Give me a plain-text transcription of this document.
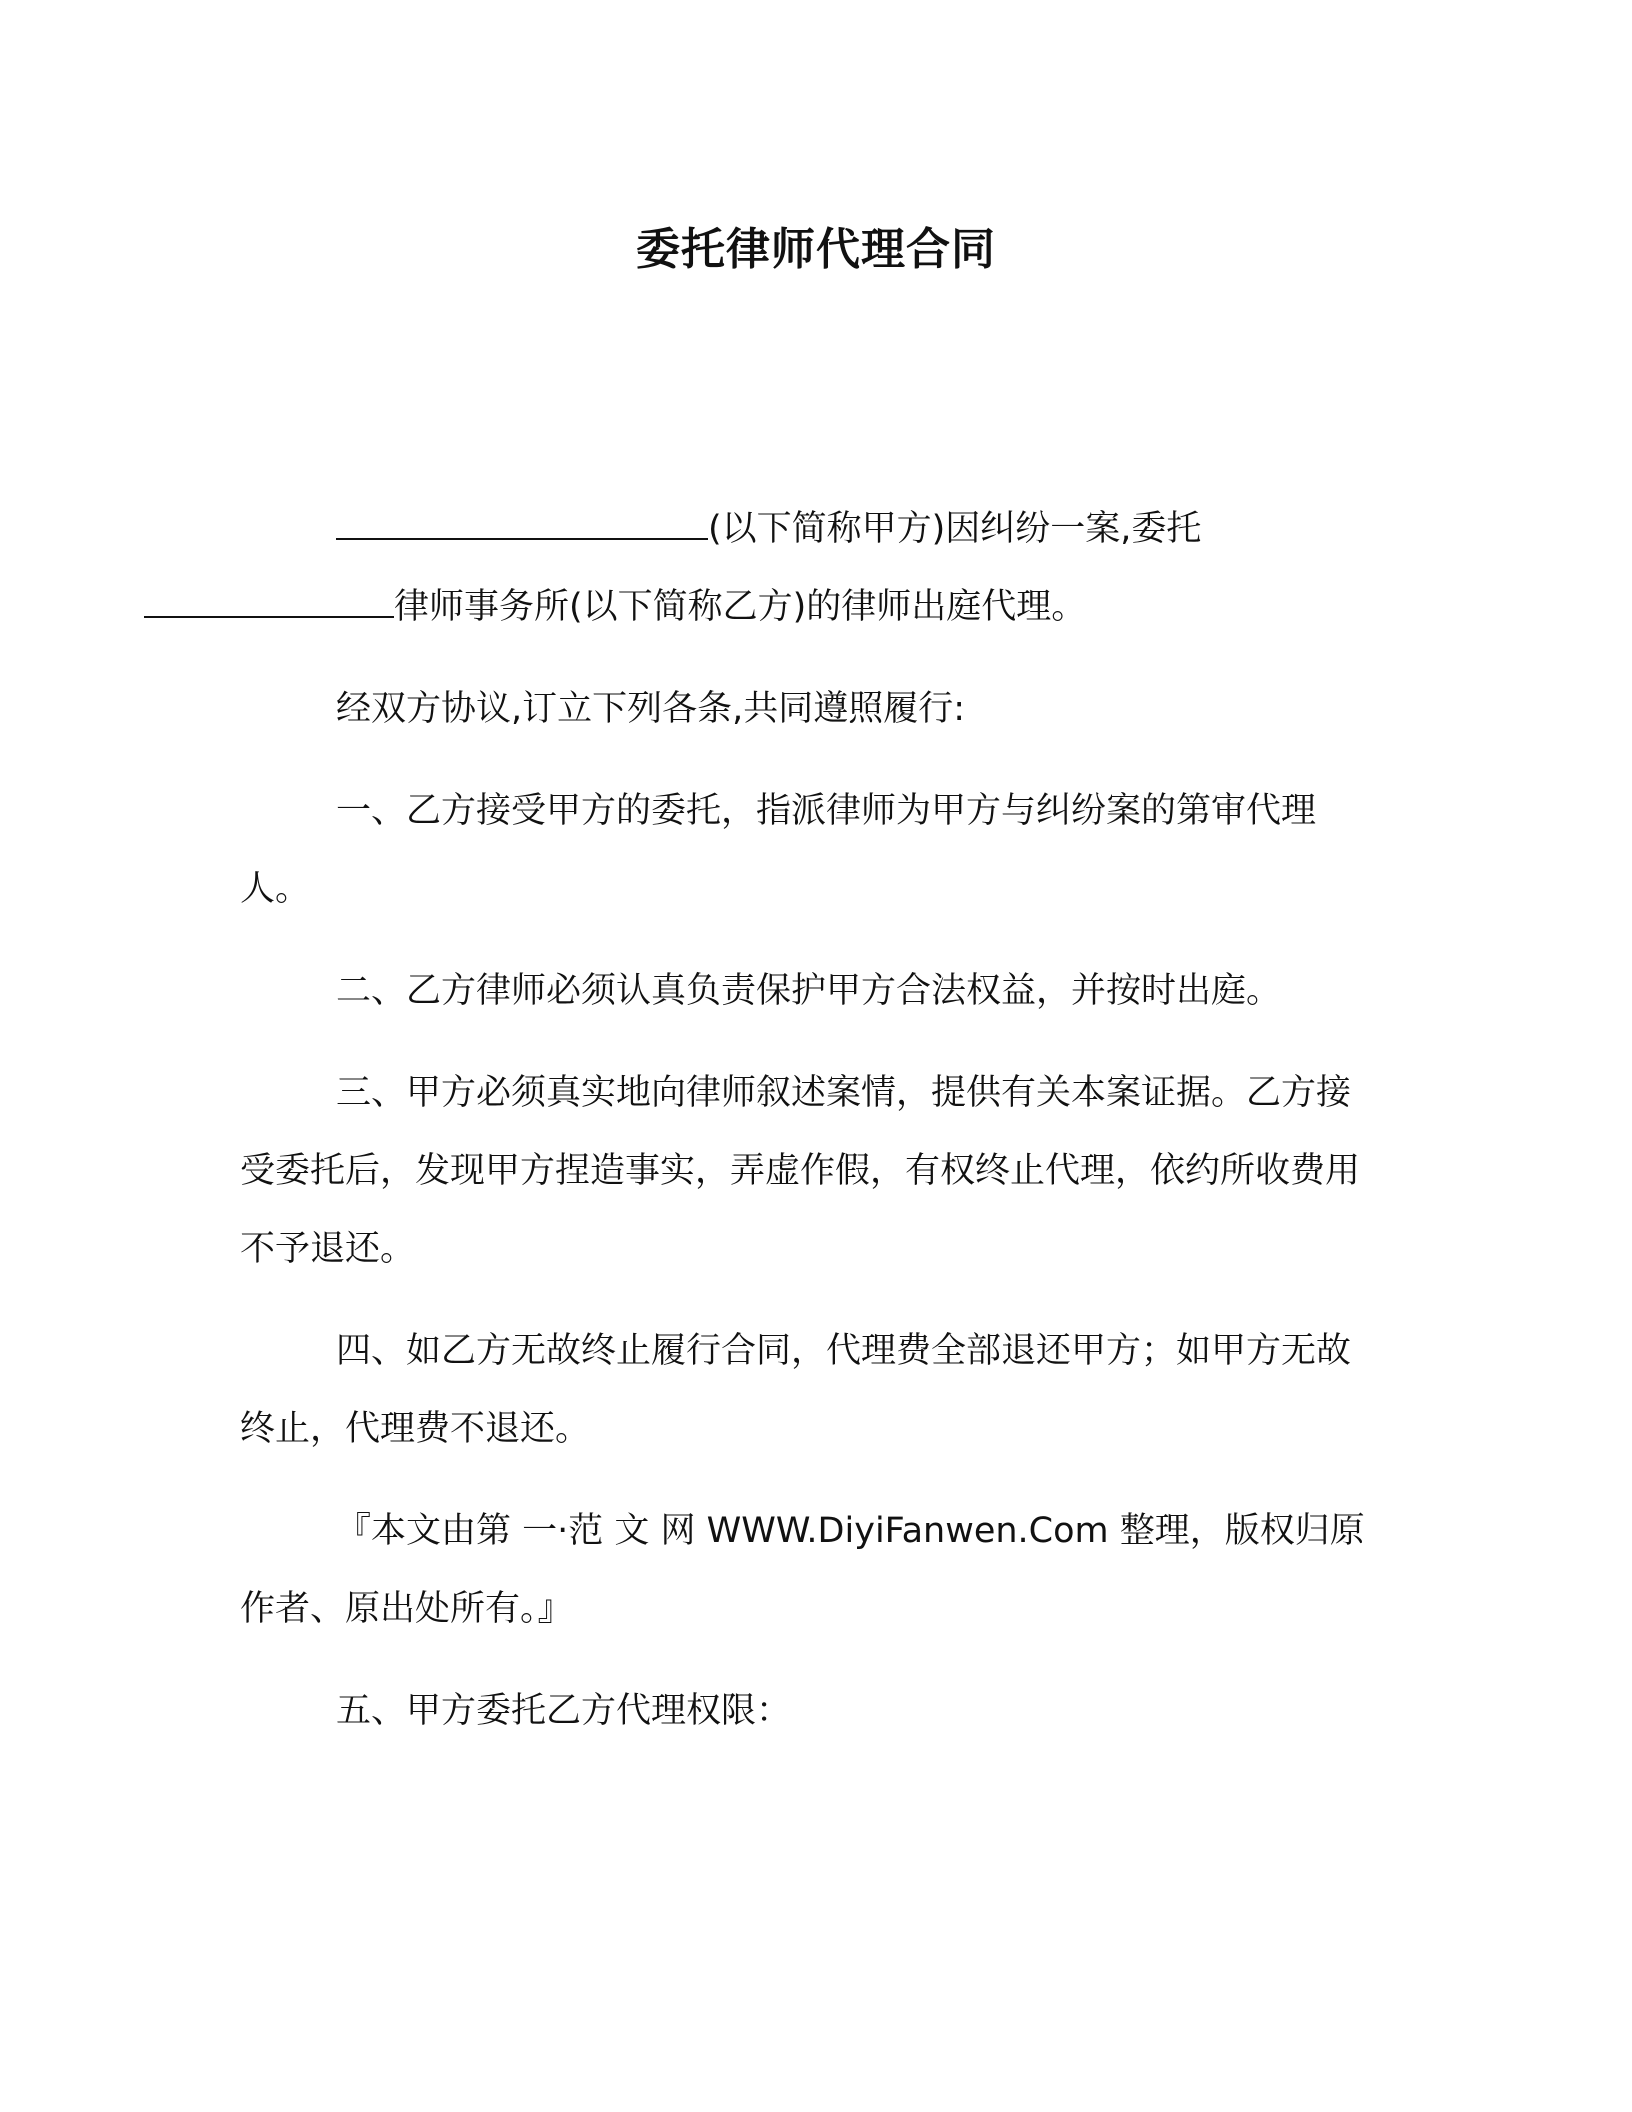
委托律师代理合同

(以下简称甲方)因纠纷一案,委托
律师事务所(以下简称乙方)的律师出庭代理。

经双方协议,订立下列各条,共同遵照履行:

一、乙方接受甲方的委托，指派律师为甲方与纠纷案的第审代理人。

二、乙方律师必须认真负责保护甲方合法权益，并按时出庭。

三、甲方必须真实地向律师叙述案情，提供有关本案证据。乙方接受委托后，发现甲方捏造事实，弄虚作假，有权终止代理，依约所收费用不予退还。

四、如乙方无故终止履行合同，代理费全部退还甲方；如甲方无故终止，代理费不退还。

『本文由第 一·范 文 网 WWW.DiyiFanwen.Com 整理，版权归原作者、原出处所有。』

五、甲方委托乙方代理权限：
